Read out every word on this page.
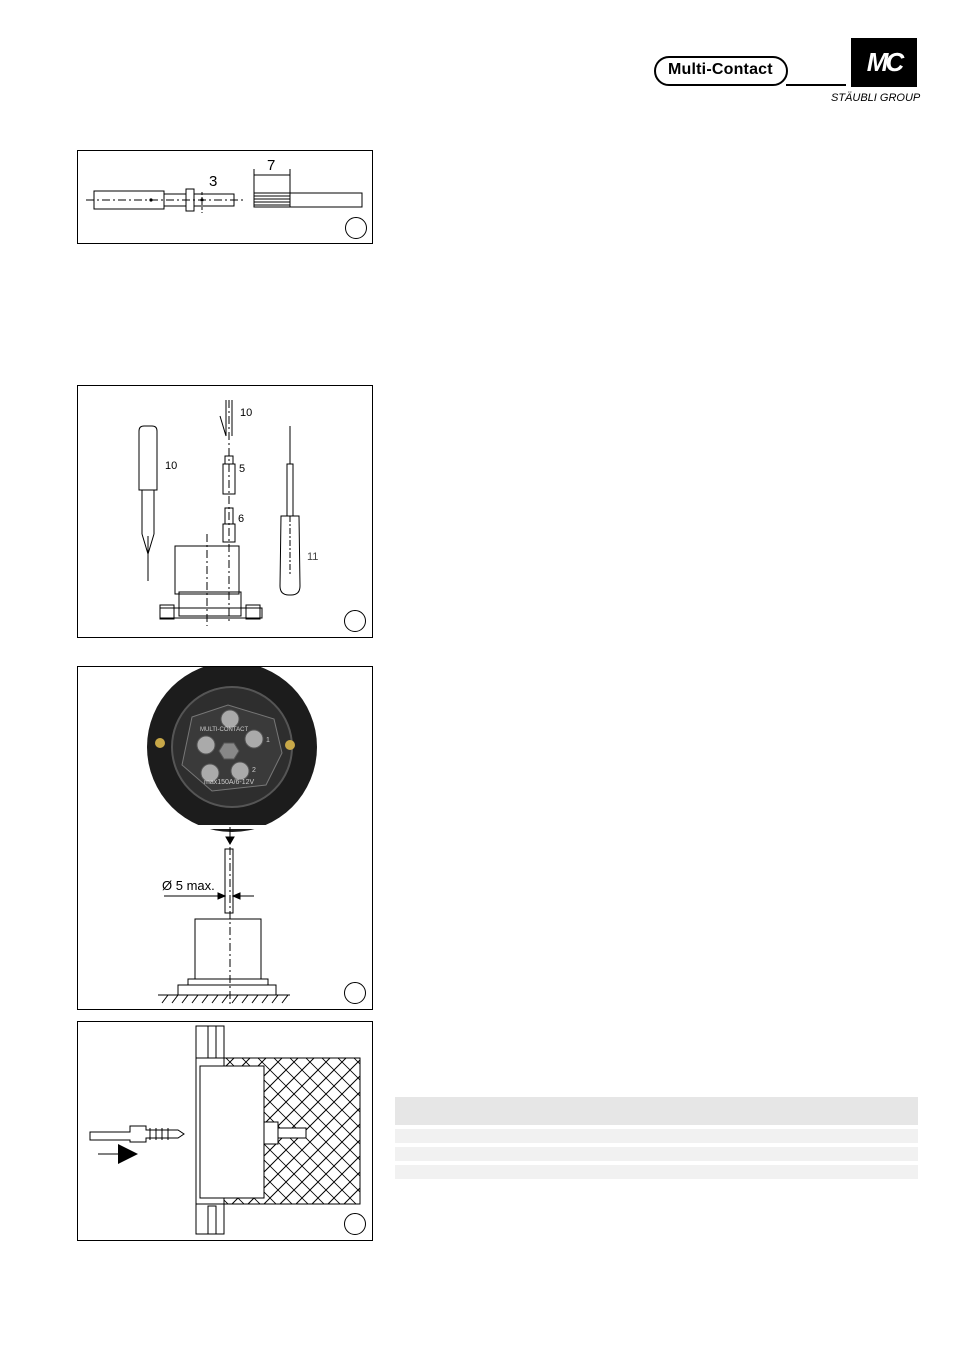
Multi-Contact	MC
STÄUBLI GROUP
3
7
10
10
5
6
11
MULTI-CONTACT
max150A/6-12V
1
2
Ø 5 max.
